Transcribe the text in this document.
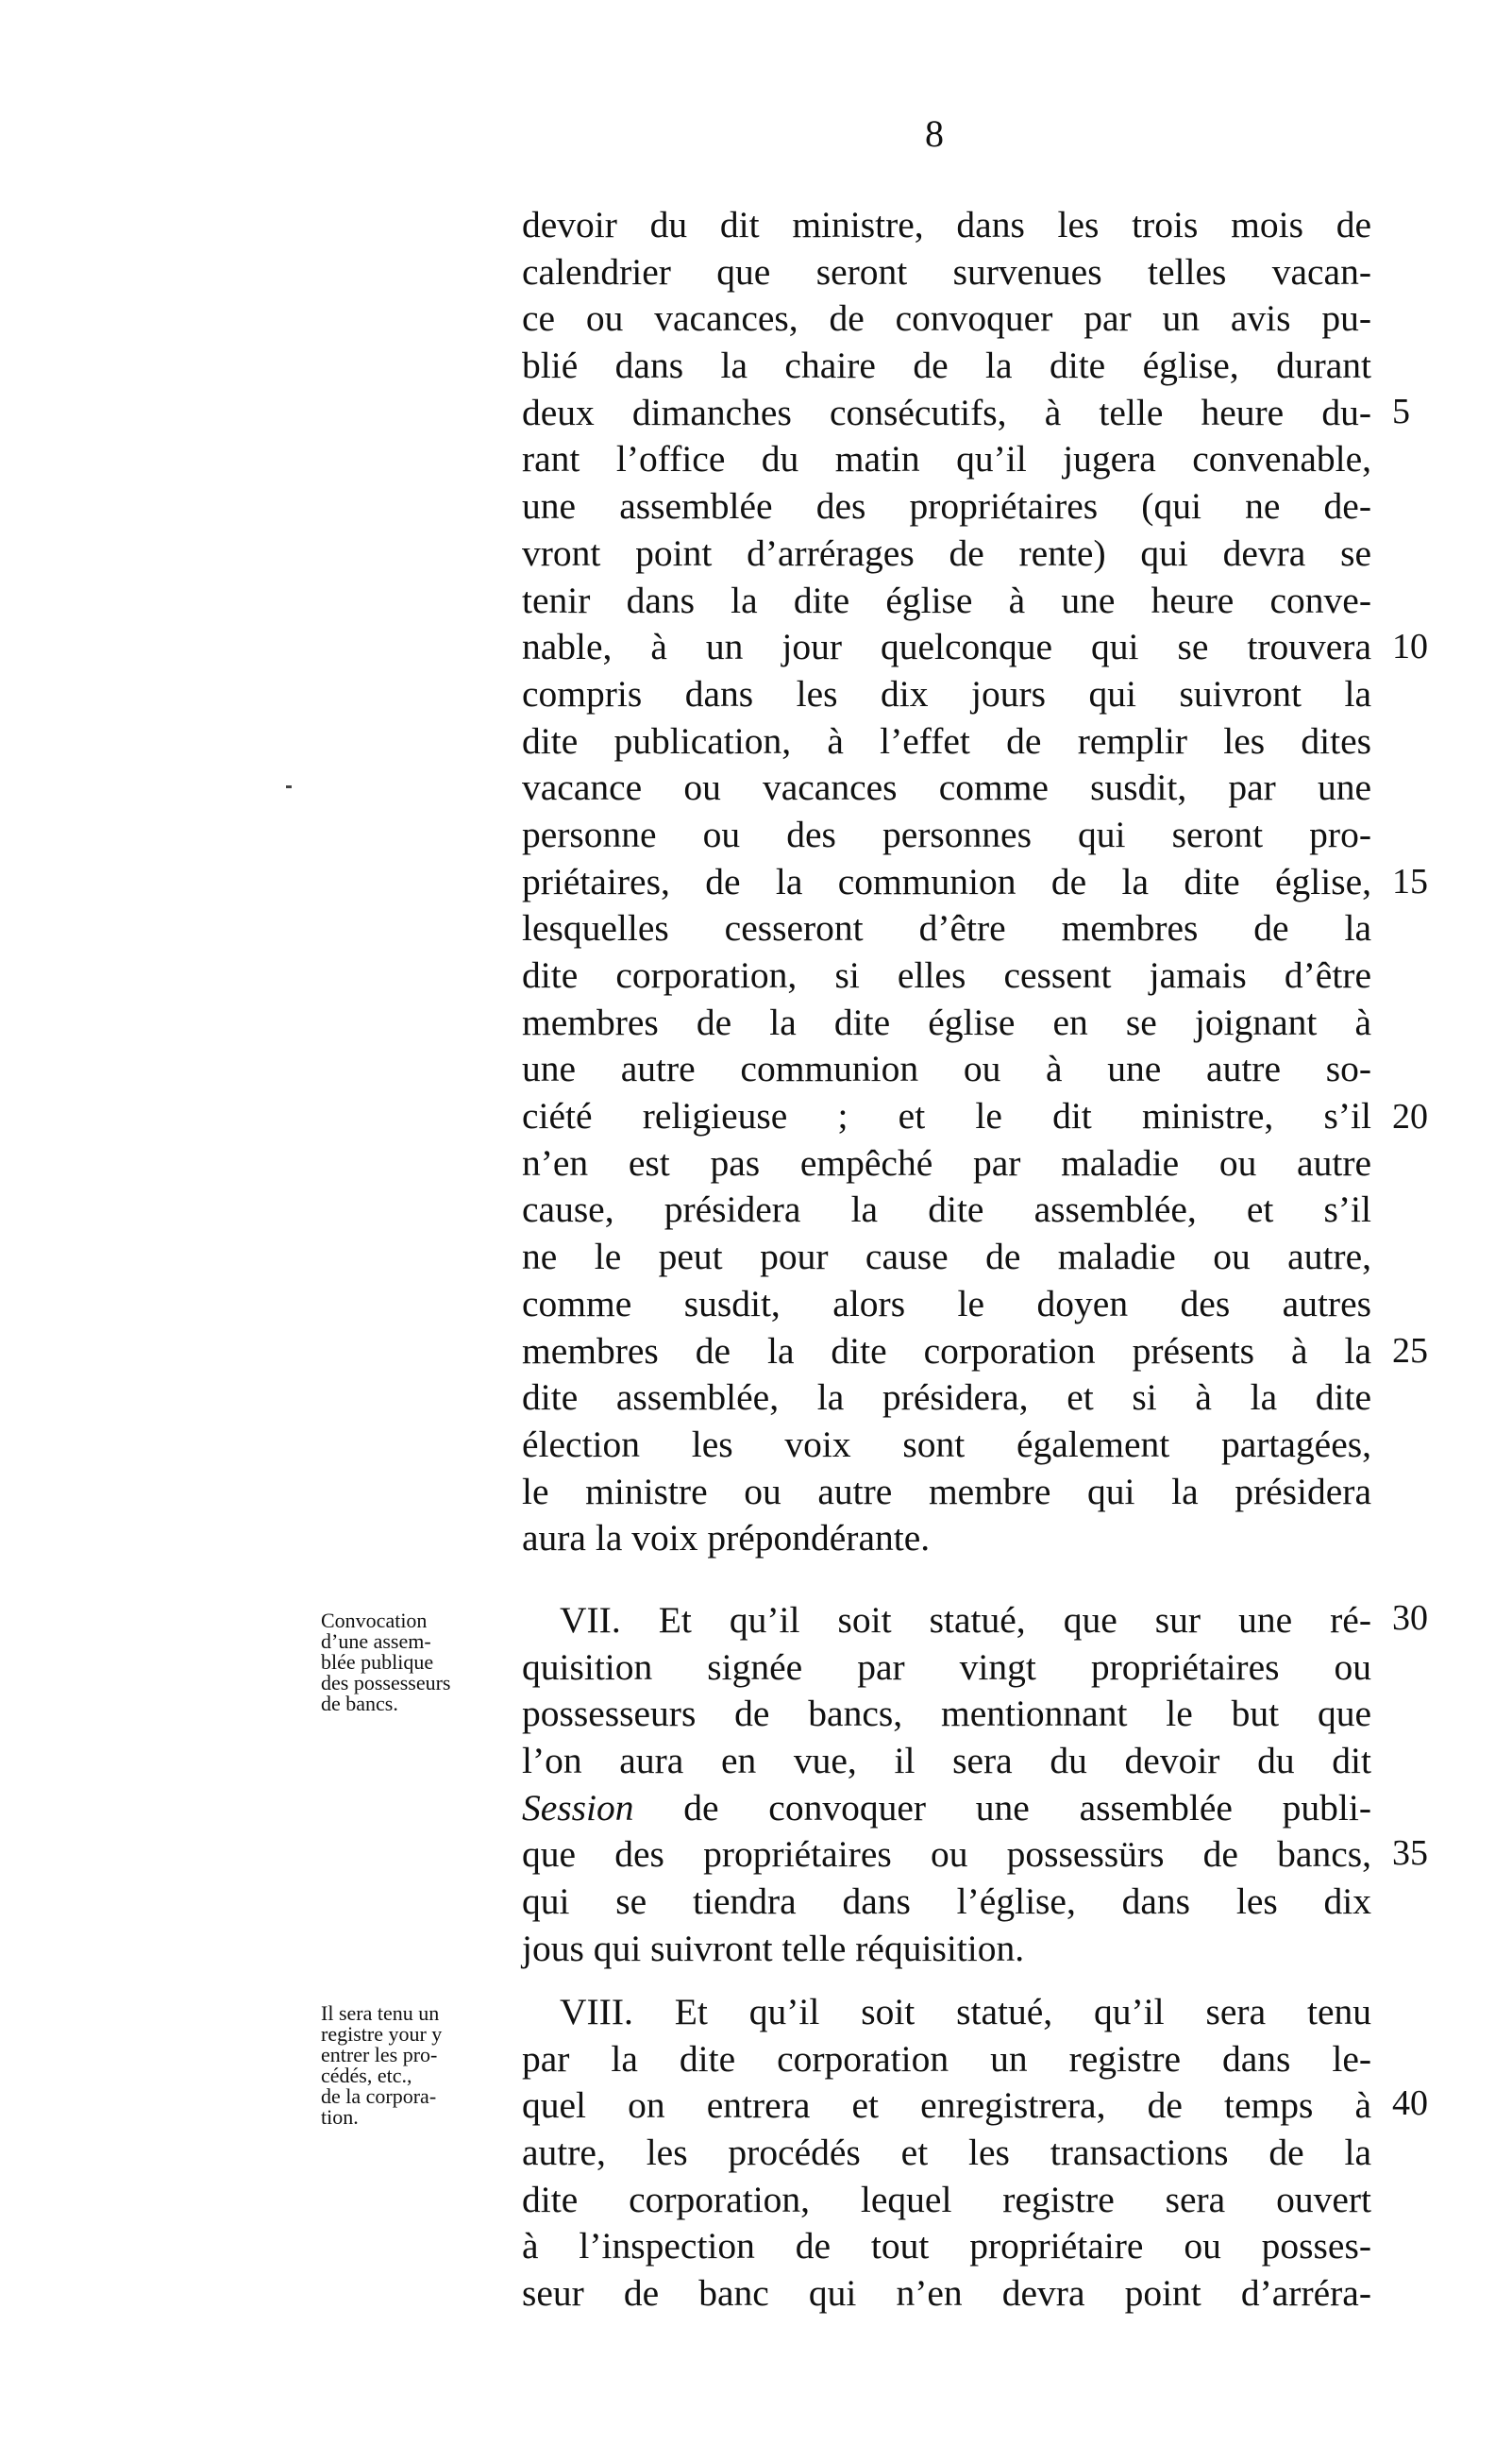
8
devoir du dit ministre, dans les trois mois de
calendrier que seront survenues telles vacan-
ce ou vacances, de convoquer par un avis pu-
blié dans la chaire de la dite église, durant
deux dimanches consécutifs, à telle heure du-
rant l’office du matin qu’il jugera convenable,
une assemblée des propriétaires (qui ne de-
vront point d’arrérages de rente) qui devra se
tenir dans la dite église à une heure conve-
nable, à un jour quelconque qui se trouvera
compris dans les dix jours qui suivront la
dite publication, à l’effet de remplir les dites
vacance ou vacances comme susdit, par une
personne ou des personnes qui seront pro-
priétaires, de la communion de la dite église,
lesquelles cesseront d’être membres de la
dite corporation, si elles cessent jamais d’être
membres de la dite église en se joignant à
une autre communion ou à une autre so-
ciété religieuse ; et le dit ministre, s’il
n’en est pas empêché par maladie ou autre
cause, présidera la dite assemblée, et s’il
ne le peut pour cause de maladie ou autre,
comme susdit, alors le doyen des autres
membres de la dite corporation présents à la
dite assemblée, la présidera, et si à la dite
élection les voix sont également partagées,
le ministre ou autre membre qui la présidera
aura la voix prépondérante.
VII. Et qu’il soit statué, que sur une ré-
quisition signée par vingt propriétaires ou
possesseurs de bancs, mentionnant le but que
l’on aura en vue, il sera du devoir du dit
Session de convoquer une assemblée publi-
que des propriétaires ou possessürs de bancs,
qui se tiendra dans l’église, dans les dix
jous qui suivront telle réquisition.
VIII. Et qu’il soit statué, qu’il sera tenu
par la dite corporation un registre dans le-
quel on entrera et enregistrera, de temps à
autre, les procédés et les transactions de la
dite corporation, lequel registre sera ouvert
à l’inspection de tout propriétaire ou posses-
seur de banc qui n’en devra point d’arréra-
5
10
15
20
25
30
35
40
Convocation
d’une assem-
blée publique
des possesseurs
de bancs.
Il sera tenu un
registre your y
entrer les pro-
cédés, etc.,
de la corpora-
tion.
